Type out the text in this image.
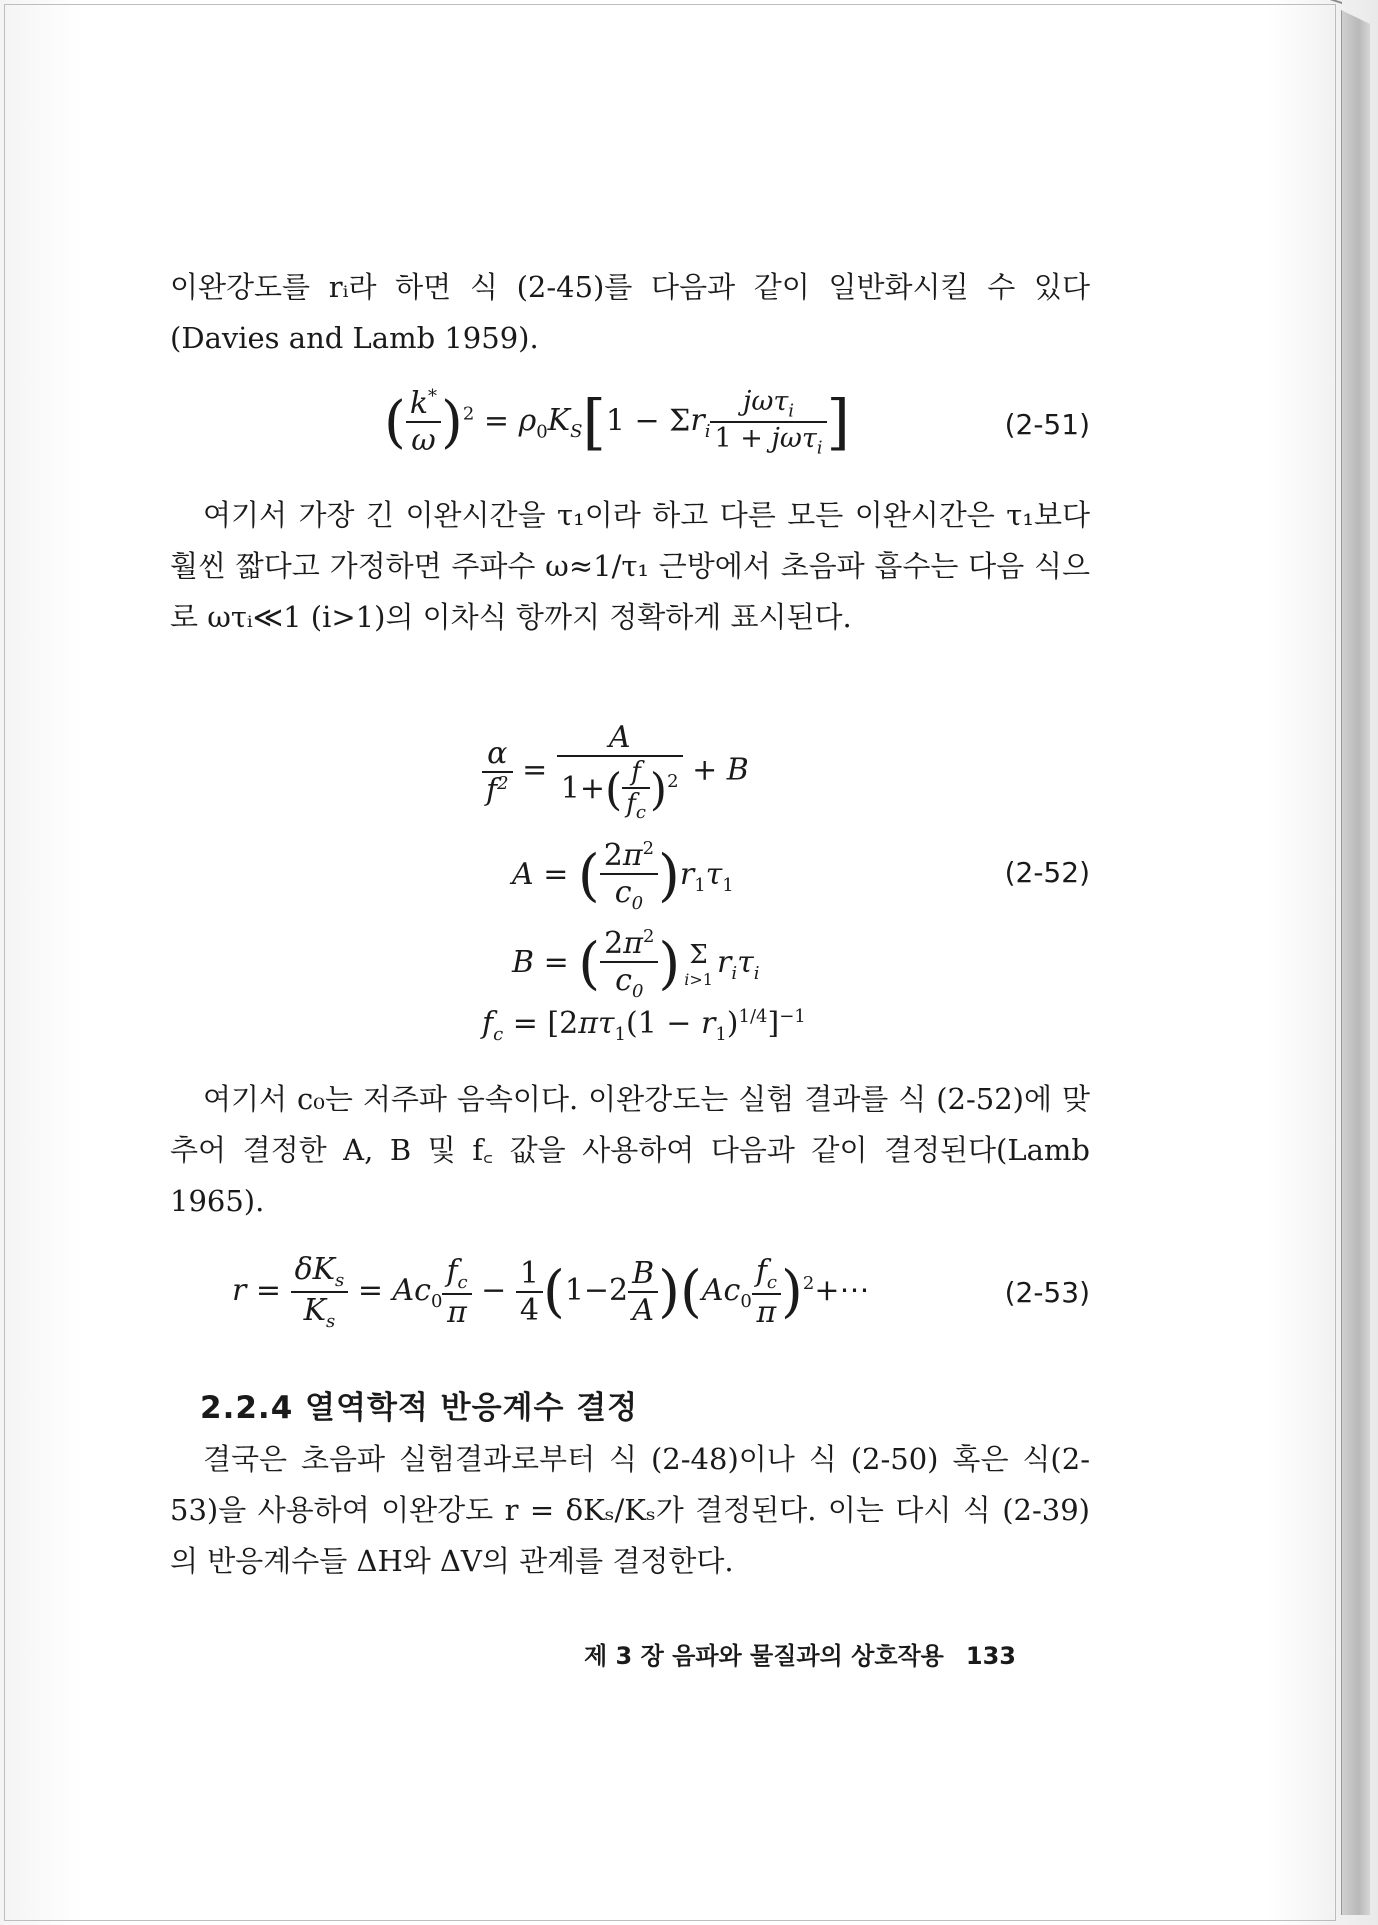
이완강도를 rᵢ라 하면 식 (2-45)를 다음과 같이 일반화시킬 수 있다(Davies and Lamb 1959).

( $\frac{k^*}{\omega} )^2 = \rho_0K_S[1 - \Sigma r_i \frac{j\omega\tau_i}{1 + j\omega\tau_i}$ ]	(2-51)

여기서 가장 긴 이완시간을 τ₁이라 하고 다른 모든 이완시간은 τ₁보다 훨씬 짧다고 가정하면 주파수 ω≈1/τ₁ 근방에서 초음파 흡수는 다음 식으로 ωτᵢ≪1 (i>1)의 이차식 항까지 정확하게 표시된다.

$\frac{\alpha}{f^2} = \frac{A}{1+( \frac{f}{f_c} )^2} + B$
A = ( $\frac{2\pi^2}{c_0} )r_1\tau_1$
B = ( $\frac{2\pi^2}{c_0}$ ) Σ
i>1 $r_i\tau_i$
$f_c = [2\pi\tau_1(1 - r_1)^{1/4}]^{-1}$
(2-52)

여기서 c₀는 저주파 음속이다. 이완강도는 실험 결과를 식 (2-52)에 맞추어 결정한 A, B 및 f꜀ 값을 사용하여 다음과 같이 결정된다(Lamb 1965).

$r = \frac{\delta K_s}{K_s} = Ac_0 \frac{f_c}{\pi} - \frac{1}{4} (1-2 \frac{B}{A} )(Ac_0 \frac{f_c}{\pi}$ )$^2$+⋯	(2-53)
2.2.4 열역학적 반응계수 결정

결국은 초음파 실험결과로부터 식 (2-48)이나 식 (2-50) 혹은 식(2-53)을 사용하여 이완강도 r = δKₛ/Kₛ가 결정된다. 이는 다시 식 (2-39)의 반응계수들 ΔH와 ΔV의 관계를 결정한다.

제 3 장 음파와 물질과의 상호작용 133
